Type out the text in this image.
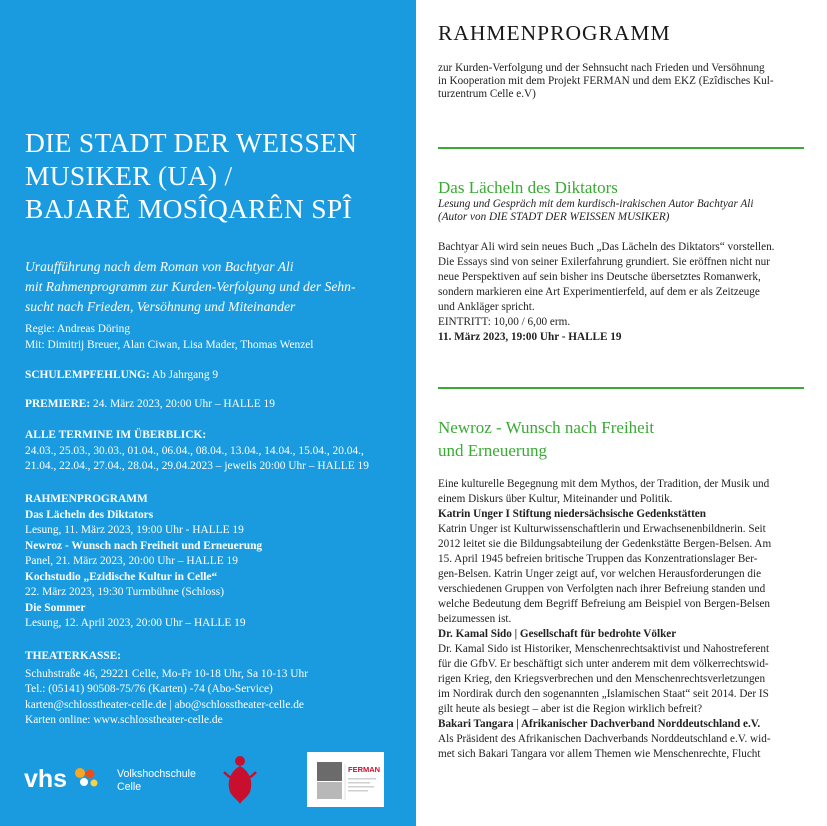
DIE STADT DER WEISSEN
MUSIKER (UA) /
BAJARÊ MOSÎQARÊN SPÎ
Uraufführung nach dem Roman von Bachtyar Ali
mit Rahmenprogramm zur Kurden-Verfolgung und der Sehn-
sucht nach Frieden, Versöhnung und Miteinander
Regie: Andreas Döring
Mit: Dimitrij Breuer, Alan Ciwan, Lisa Mader, Thomas Wenzel
SCHULEMPFEHLUNG: Ab Jahrgang 9
PREMIERE: 24. März 2023, 20:00 Uhr – HALLE 19
ALLE TERMINE IM ÜBERBLICK:
24.03., 25.03., 30.03., 01.04., 06.04., 08.04., 13.04., 14.04., 15.04., 20.04.,
21.04., 22.04., 27.04., 28.04., 29.04.2023 – jeweils 20:00 Uhr – HALLE 19
RAHMENPROGRAMM
Das Lächeln des Diktators
Lesung, 11. März 2023, 19:00 Uhr - HALLE 19
Newroz - Wunsch nach Freiheit und Erneuerung
Panel, 21. März 2023, 20:00 Uhr – HALLE 19
Kochstudio „Ezidische Kultur in Celle“
22. März 2023, 19:30 Turmbühne (Schloss)
Die Sommer
Lesung, 12. April 2023, 20:00 Uhr – HALLE 19
THEATERKASSE:
Schuhstraße 46, 29221 Celle, Mo-Fr 10-18 Uhr, Sa 10-13 Uhr
Tel.: (05141) 90508-75/76 (Karten) -74 (Abo-Service)
karten@schlosstheater-celle.de | abo@schlosstheater-celle.de
Karten online: www.schlosstheater-celle.de
vhs	Volkshochschule
Celle
FERMAN
RAHMENPROGRAMM
zur Kurden-Verfolgung und der Sehnsucht nach Frieden und Versöhnung
in Kooperation mit dem Projekt FERMAN und dem EKZ (Ezîdisches Kul-
turzentrum Celle e.V)
Das Lächeln des Diktators
Lesung und Gespräch mit dem kurdisch-irakischen Autor Bachtyar Ali
(Autor von DIE STADT DER WEISSEN MUSIKER)
Bachtyar Ali wird sein neues Buch „Das Lächeln des Diktators“ vorstellen.
Die Essays sind von seiner Exilerfahrung grundiert. Sie eröffnen nicht nur
neue Perspektiven auf sein bisher ins Deutsche übersetztes Romanwerk,
sondern markieren eine Art Experimentierfeld, auf dem er als Zeitzeuge
und Ankläger spricht.
EINTRITT: 10,00 / 6,00 erm.
11. März 2023, 19:00 Uhr - HALLE 19
Newroz - Wunsch nach Freiheit
und Erneuerung
Eine kulturelle Begegnung mit dem Mythos, der Tradition, der Musik und
einem Diskurs über Kultur, Miteinander und Politik.
Katrin Unger I Stiftung niedersächsische Gedenkstätten
Katrin Unger ist Kulturwissenschaftlerin und Erwachsenenbildnerin. Seit
2012 leitet sie die Bildungsabteilung der Gedenkstätte Bergen-Belsen. Am
15. April 1945 befreien britische Truppen das Konzentrationslager Ber-
gen-Belsen. Katrin Unger zeigt auf, vor welchen Herausforderungen die
verschiedenen Gruppen von Verfolgten nach ihrer Befreiung standen und
welche Bedeutung dem Begriff Befreiung am Beispiel von Bergen-Belsen
beizumessen ist.
Dr. Kamal Sido | Gesellschaft für bedrohte Völker
Dr. Kamal Sido ist Historiker, Menschenrechtsaktivist und Nahostreferent
für die GfbV. Er beschäftigt sich unter anderem mit dem völkerrechtswid-
rigen Krieg, den Kriegsverbrechen und den Menschenrechtsverletzungen
im Nordirak durch den sogenannten „Islamischen Staat“ seit 2014. Der IS
gilt heute als besiegt – aber ist die Region wirklich befreit?
Bakari Tangara | Afrikanischer Dachverband Norddeutschland e.V.
Als Präsident des Afrikanischen Dachverbands Norddeutschland e.V. wid-
met sich Bakari Tangara vor allem Themen wie Menschenrechte, Flucht
